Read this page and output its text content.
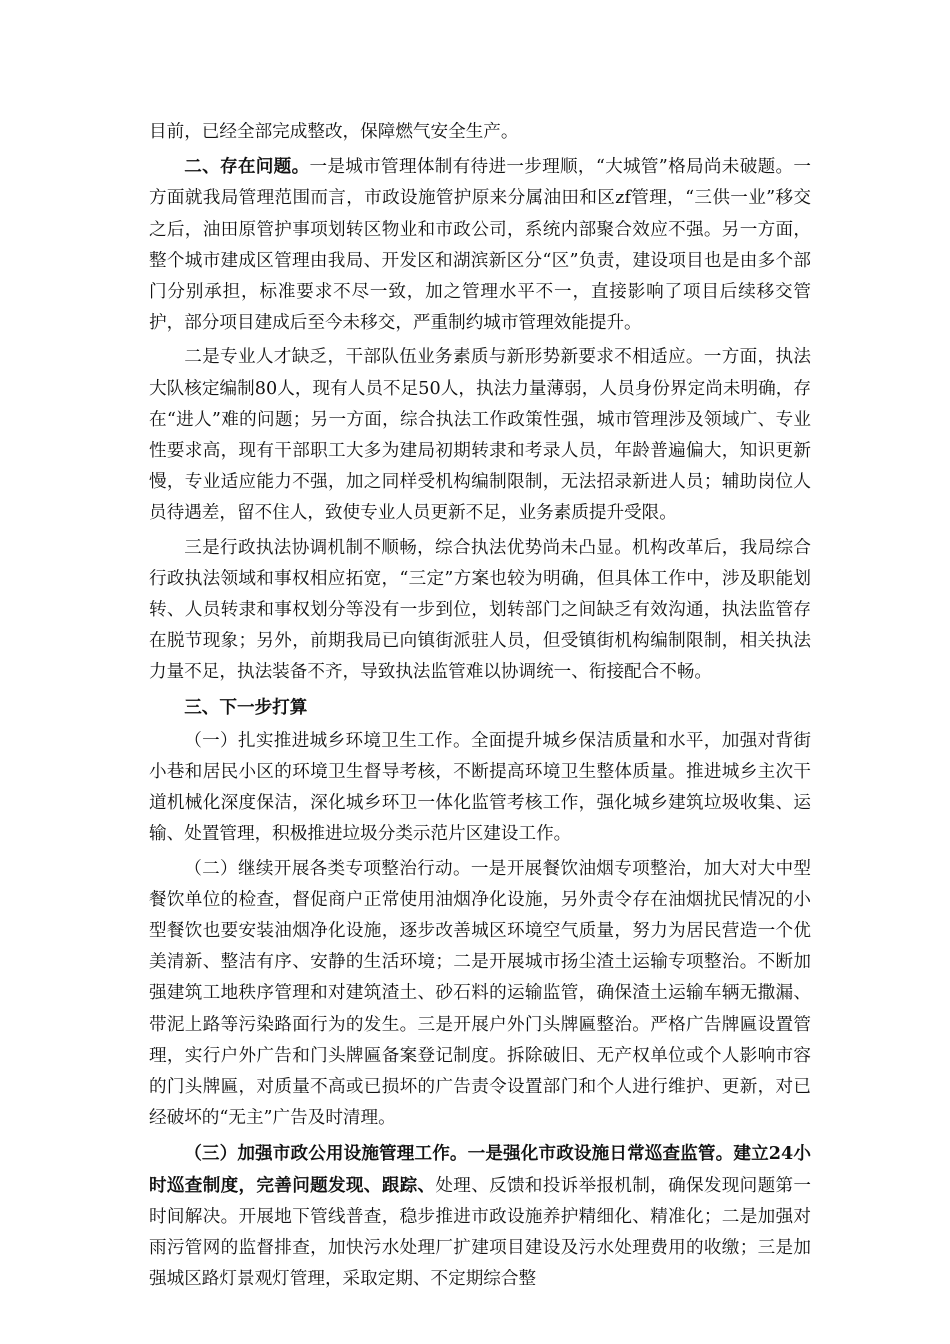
目前，已经全部完成整改，保障燃气安全生产。

二、存在问题。一是城市管理体制有待进一步理顺，“大城管”格局尚未破题。一方面就我局管理范围而言，市政设施管护原来分属油田和区zf管理，“三供一业”移交之后，油田原管护事项划转区物业和市政公司，系统内部聚合效应不强。另一方面，整个城市建成区管理由我局、开发区和湖滨新区分“区”负责，建设项目也是由多个部门分别承担，标准要求不尽一致，加之管理水平不一，直接影响了项目后续移交管护，部分项目建成后至今未移交，严重制约城市管理效能提升。

二是专业人才缺乏，干部队伍业务素质与新形势新要求不相适应。一方面，执法大队核定编制80人，现有人员不足50人，执法力量薄弱，人员身份界定尚未明确，存在“进人”难的问题；另一方面，综合执法工作政策性强，城市管理涉及领域广、专业性要求高，现有干部职工大多为建局初期转隶和考录人员，年龄普遍偏大，知识更新慢，专业适应能力不强，加之同样受机构编制限制，无法招录新进人员；辅助岗位人员待遇差，留不住人，致使专业人员更新不足，业务素质提升受限。

三是行政执法协调机制不顺畅，综合执法优势尚未凸显。机构改革后，我局综合行政执法领域和事权相应拓宽，“三定”方案也较为明确，但具体工作中，涉及职能划转、人员转隶和事权划分等没有一步到位，划转部门之间缺乏有效沟通，执法监管存在脱节现象；另外，前期我局已向镇街派驻人员，但受镇街机构编制限制，相关执法力量不足，执法装备不齐，导致执法监管难以协调统一、衔接配合不畅。

三、下一步打算

（一）扎实推进城乡环境卫生工作。全面提升城乡保洁质量和水平，加强对背街小巷和居民小区的环境卫生督导考核，不断提高环境卫生整体质量。推进城乡主次干道机械化深度保洁，深化城乡环卫一体化监管考核工作，强化城乡建筑垃圾收集、运输、处置管理，积极推进垃圾分类示范片区建设工作。

（二）继续开展各类专项整治行动。一是开展餐饮油烟专项整治，加大对大中型餐饮单位的检查，督促商户正常使用油烟净化设施，另外责令存在油烟扰民情况的小型餐饮也要安装油烟净化设施，逐步改善城区环境空气质量，努力为居民营造一个优美清新、整洁有序、安静的生活环境；二是开展城市扬尘渣土运输专项整治。不断加强建筑工地秩序管理和对建筑渣土、砂石料的运输监管，确保渣土运输车辆无撒漏、带泥上路等污染路面行为的发生。三是开展户外门头牌匾整治。严格广告牌匾设置管理，实行户外广告和门头牌匾备案登记制度。拆除破旧、无产权单位或个人影响市容的门头牌匾，对质量不高或已损坏的广告责令设置部门和个人进行维护、更新，对已经破坏的“无主”广告及时清理。

（三）加强市政公用设施管理工作。一是强化市政设施日常巡查监管。建立24小时巡查制度，完善问题发现、跟踪、处理、反馈和投诉举报机制，确保发现问题第一时间解决。开展地下管线普查，稳步推进市政设施养护精细化、精准化；二是加强对雨污管网的监督排查，加快污水处理厂扩建项目建设及污水处理费用的收缴；三是加强城区路灯景观灯管理，采取定期、不定期综合整
